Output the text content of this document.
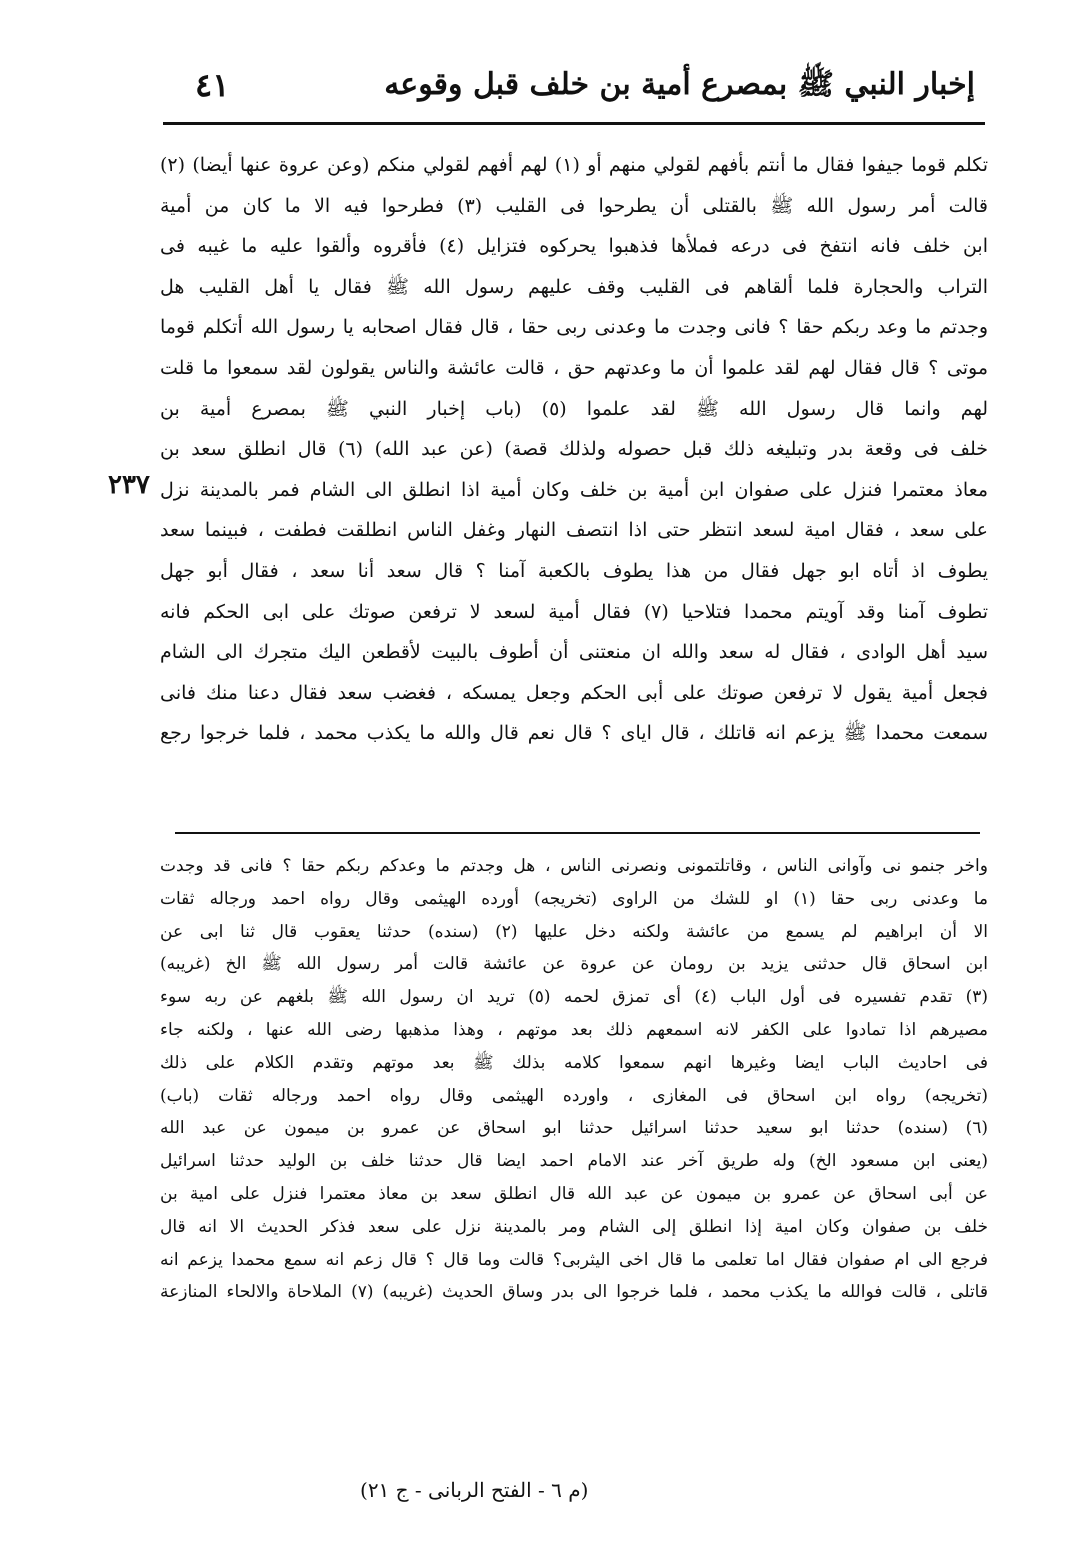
إخبار النبي ﷺ بمصرع أمية بن خلف قبل وقوعه
٤١
٢٣٧
تكلم قوما جيفوا فقال ما أنتم بأفهم لقولي منهم أو (١) لهم أفهم لقولي منكم (وعن عروة عنها أيضا) (٢)
قالت أمر رسول الله ﷺ بالقتلى أن يطرحوا فى القليب (٣) فطرحوا فيه الا ما كان من أمية
ابن خلف فانه انتفخ فى درعه فملأها فذهبوا يحركوه فتزايل (٤) فأقروه وألقوا عليه ما غيبه فى
التراب والحجارة فلما ألقاهم فى القليب وقف عليهم رسول الله ﷺ فقال يا أهل القليب هل
وجدتم ما وعد ربكم حقا ؟ فانى وجدت ما وعدنى ربى حقا ، قال فقال اصحابه يا رسول الله أتكلم قوما
موتى ؟ قال فقال لهم لقد علموا أن ما وعدتهم حق ، قالت عائشة والناس يقولون لقد سمعوا ما قلت
لهم وانما قال رسول الله ﷺ لقد علموا (٥) (باب إخبار النبي ﷺ بمصرع أمية بن
خلف فى وقعة بدر وتبليغه ذلك قبل حصوله ولذلك قصة) (عن عبد الله) (٦) قال انطلق سعد بن
معاذ معتمرا فنزل على صفوان ابن أمية بن خلف وكان أمية اذا انطلق الى الشام فمر بالمدينة نزل
على سعد ، فقال امية لسعد انتظر حتى اذا انتصف النهار وغفل الناس انطلقت فطفت ، فبينما سعد
يطوف اذ أتاه ابو جهل فقال من هذا يطوف بالكعبة آمنا ؟ قال سعد أنا سعد ، فقال أبو جهل
تطوف آمنا وقد آويتم محمدا فتلاحيا (٧) فقال أمية لسعد لا ترفعن صوتك على ابى الحكم فانه
سيد أهل الوادى ، فقال له سعد والله ان منعتنى أن أطوف بالبيت لأقطعن اليك متجرك الى الشام
فجعل أمية يقول لا ترفعن صوتك على أبى الحكم وجعل يمسكه ، فغضب سعد فقال دعنا منك فانى
سمعت محمدا ﷺ يزعم انه قاتلك ، قال اياى ؟ قال نعم قال والله ما يكذب محمد ، فلما خرجوا رجع
واخر جنمو نى وآوانى الناس ، وقاتلتمونى ونصرنى الناس ، هل وجدتم ما وعدكم ربكم حقا ؟ فانى قد وجدت
ما وعدنى ربى حقا (١) او للشك من الراوى (تخريجه) أورده الهيثمى وقال رواه احمد ورجاله ثقات
الا أن ابراهيم لم يسمع من عائشة ولكنه دخل عليها (٢) (سنده) حدثنا يعقوب قال ثنا ابى عن
ابن اسحاق قال حدثنى يزيد بن رومان عن عروة عن عائشة قالت أمر رسول الله ﷺ الخ (غريبه)
(٣) تقدم تفسيره فى أول الباب (٤) أى تمزق لحمه (٥) تريد ان رسول الله ﷺ بلغهم عن ربه سوء
مصيرهم اذا تمادوا على الكفر لانه اسمعهم ذلك بعد موتهم ، وهذا مذهبها رضى الله عنها ، ولكنه جاء
فى احاديث الباب ايضا وغيرها انهم سمعوا كلامه بذلك ﷺ بعد موتهم وتقدم الكلام على ذلك
(تخريجه) رواه ابن اسحاق فى المغازى ، واورده الهيثمى وقال رواه احمد ورجاله ثقات (باب)
(٦) (سنده) حدثنا ابو سعيد حدثنا اسرائيل حدثنا ابو اسحاق عن عمرو بن ميمون عن عبد الله
(يعنى ابن مسعود الخ) وله طريق آخر عند الامام احمد ايضا قال حدثنا خلف بن الوليد حدثنا اسرائيل
عن أبى اسحاق عن عمرو بن ميمون عن عبد الله قال انطلق سعد بن معاذ معتمرا فنزل على امية بن
خلف بن صفوان وكان امية إذا انطلق إلى الشام ومر بالمدينة نزل على سعد فذكر الحديث الا انه قال
فرجع الى ام صفوان فقال اما تعلمى ما قال اخى اليثربى؟ قالت وما قال ؟ قال زعم انه سمع محمدا يزعم انه
قاتلى ، قالت فوالله ما يكذب محمد ، فلما خرجوا الى بدر وساق الحديث (غريبه) (٧) الملاحاة والالحاء المنازعة
(م ٦ - الفتح الربانى - ج ٢١)
